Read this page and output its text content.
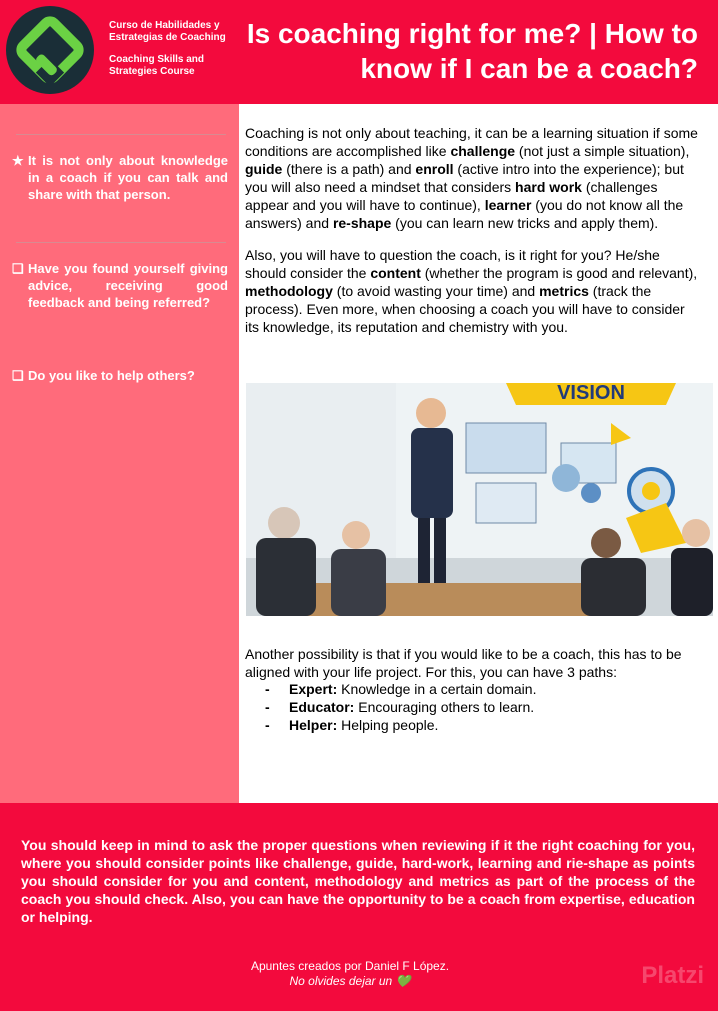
Curso de Habilidades y Estrategias de Coaching
Coaching Skills and Strategies Course
Is coaching right for me? | How to know if I can be a coach?
★ It is not only about knowledge in a coach if you can talk and share with that person.
❑ Have you found yourself giving advice, receiving good feedback and being referred?
❑ Do you like to help others?

Coaching is not only about teaching, it can be a learning situation if some conditions are accomplished like challenge (not just a simple situation), guide (there is a path) and enroll (active intro into the experience); but you will also need a mindset that considers hard work (challenges appear and you will have to continue), learner (you do not know all the answers) and re-shape (you can learn new tricks and apply them).

Also, you will have to question the coach, is it right for you? He/she should consider the content (whether the program is good and relevant), methodology (to avoid wasting your time) and metrics (track the process). Even more, when choosing a coach you will have to consider its knowledge, its reputation and chemistry with you.

VISION

Another possibility is that if you would like to be a coach, this has to be aligned with your life project. For this, you can have 3 paths:

- Expert: Knowledge in a certain domain.
- Educator: Encouraging others to learn.
- Helper: Helping people.
You should keep in mind to ask the proper questions when reviewing if it the right coaching for you, where you should consider points like challenge, guide, hard-work, learning and rie-shape as points you should consider for you and content, methodology and metrics as part of the process of the coach you should check. Also, you can have the opportunity to be a coach from expertise, education or helping.
Apuntes creados por Daniel F López.
No olvides dejar un 💚	Platzi
